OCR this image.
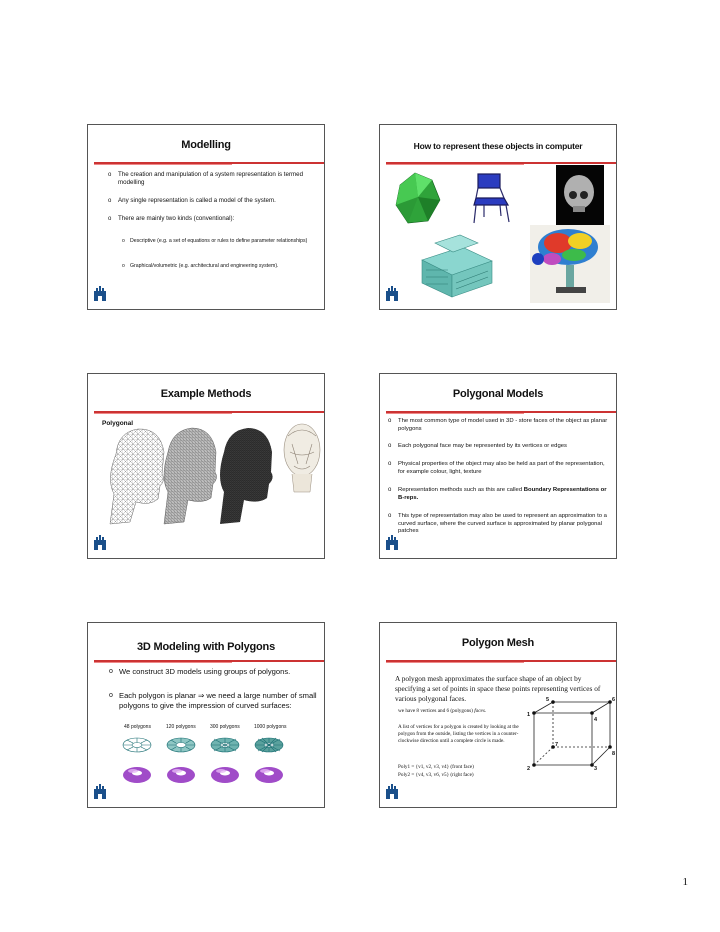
Modelling
o The creation and manipulation of a system representation is termed modelling
o Any single representation is called a model of the system.
o There are mainly two kinds (conventional):
o Descriptive (e.g. a set of equations or rules to define parameter relationships)
o Graphical/volumetric (e.g. architectural and engineering system).
How to represent these objects in computer
Example Methods
Polygonal
Polygonal Models
o The most common type of model used in 3D - store faces of the object as planar polygons
o Each polygonal face may be represented by its vertices or edges
o Physical properties of the object may also be held as part of the representation, for example colour, light, texture
o Representation methods such as this are called Boundary Representations or B-reps.
o This type of representation may also be used to represent an approximation to a curved surface, where the curved surface is approximated by planar polygonal patches
3D Modeling with Polygons
o We construct 3D models using groups of polygons.
o Each polygon is planar ⇒ we need a large number of small polygons to give the impression of curved surfaces:
48 polygons	120 polygons	300 polygons	1000 polygons
Polygon Mesh
A polygon mesh approximates the surface shape of an object by specifying a set of points in space these points representing vertices of various polygonal faces.
we have 8 vertices and 6 (polygons) faces.
A list of vertices for a polygon is created by looking at the polygon from the outside, listing the vertices in a counter-clockwise direction until a complete circle is made.
Poly1 = {v1, v2, v3, v4} (front face)
Poly2 = {v4, v3, v6, v5} (right face)
5	6
1
4
2	3
7
8
1
